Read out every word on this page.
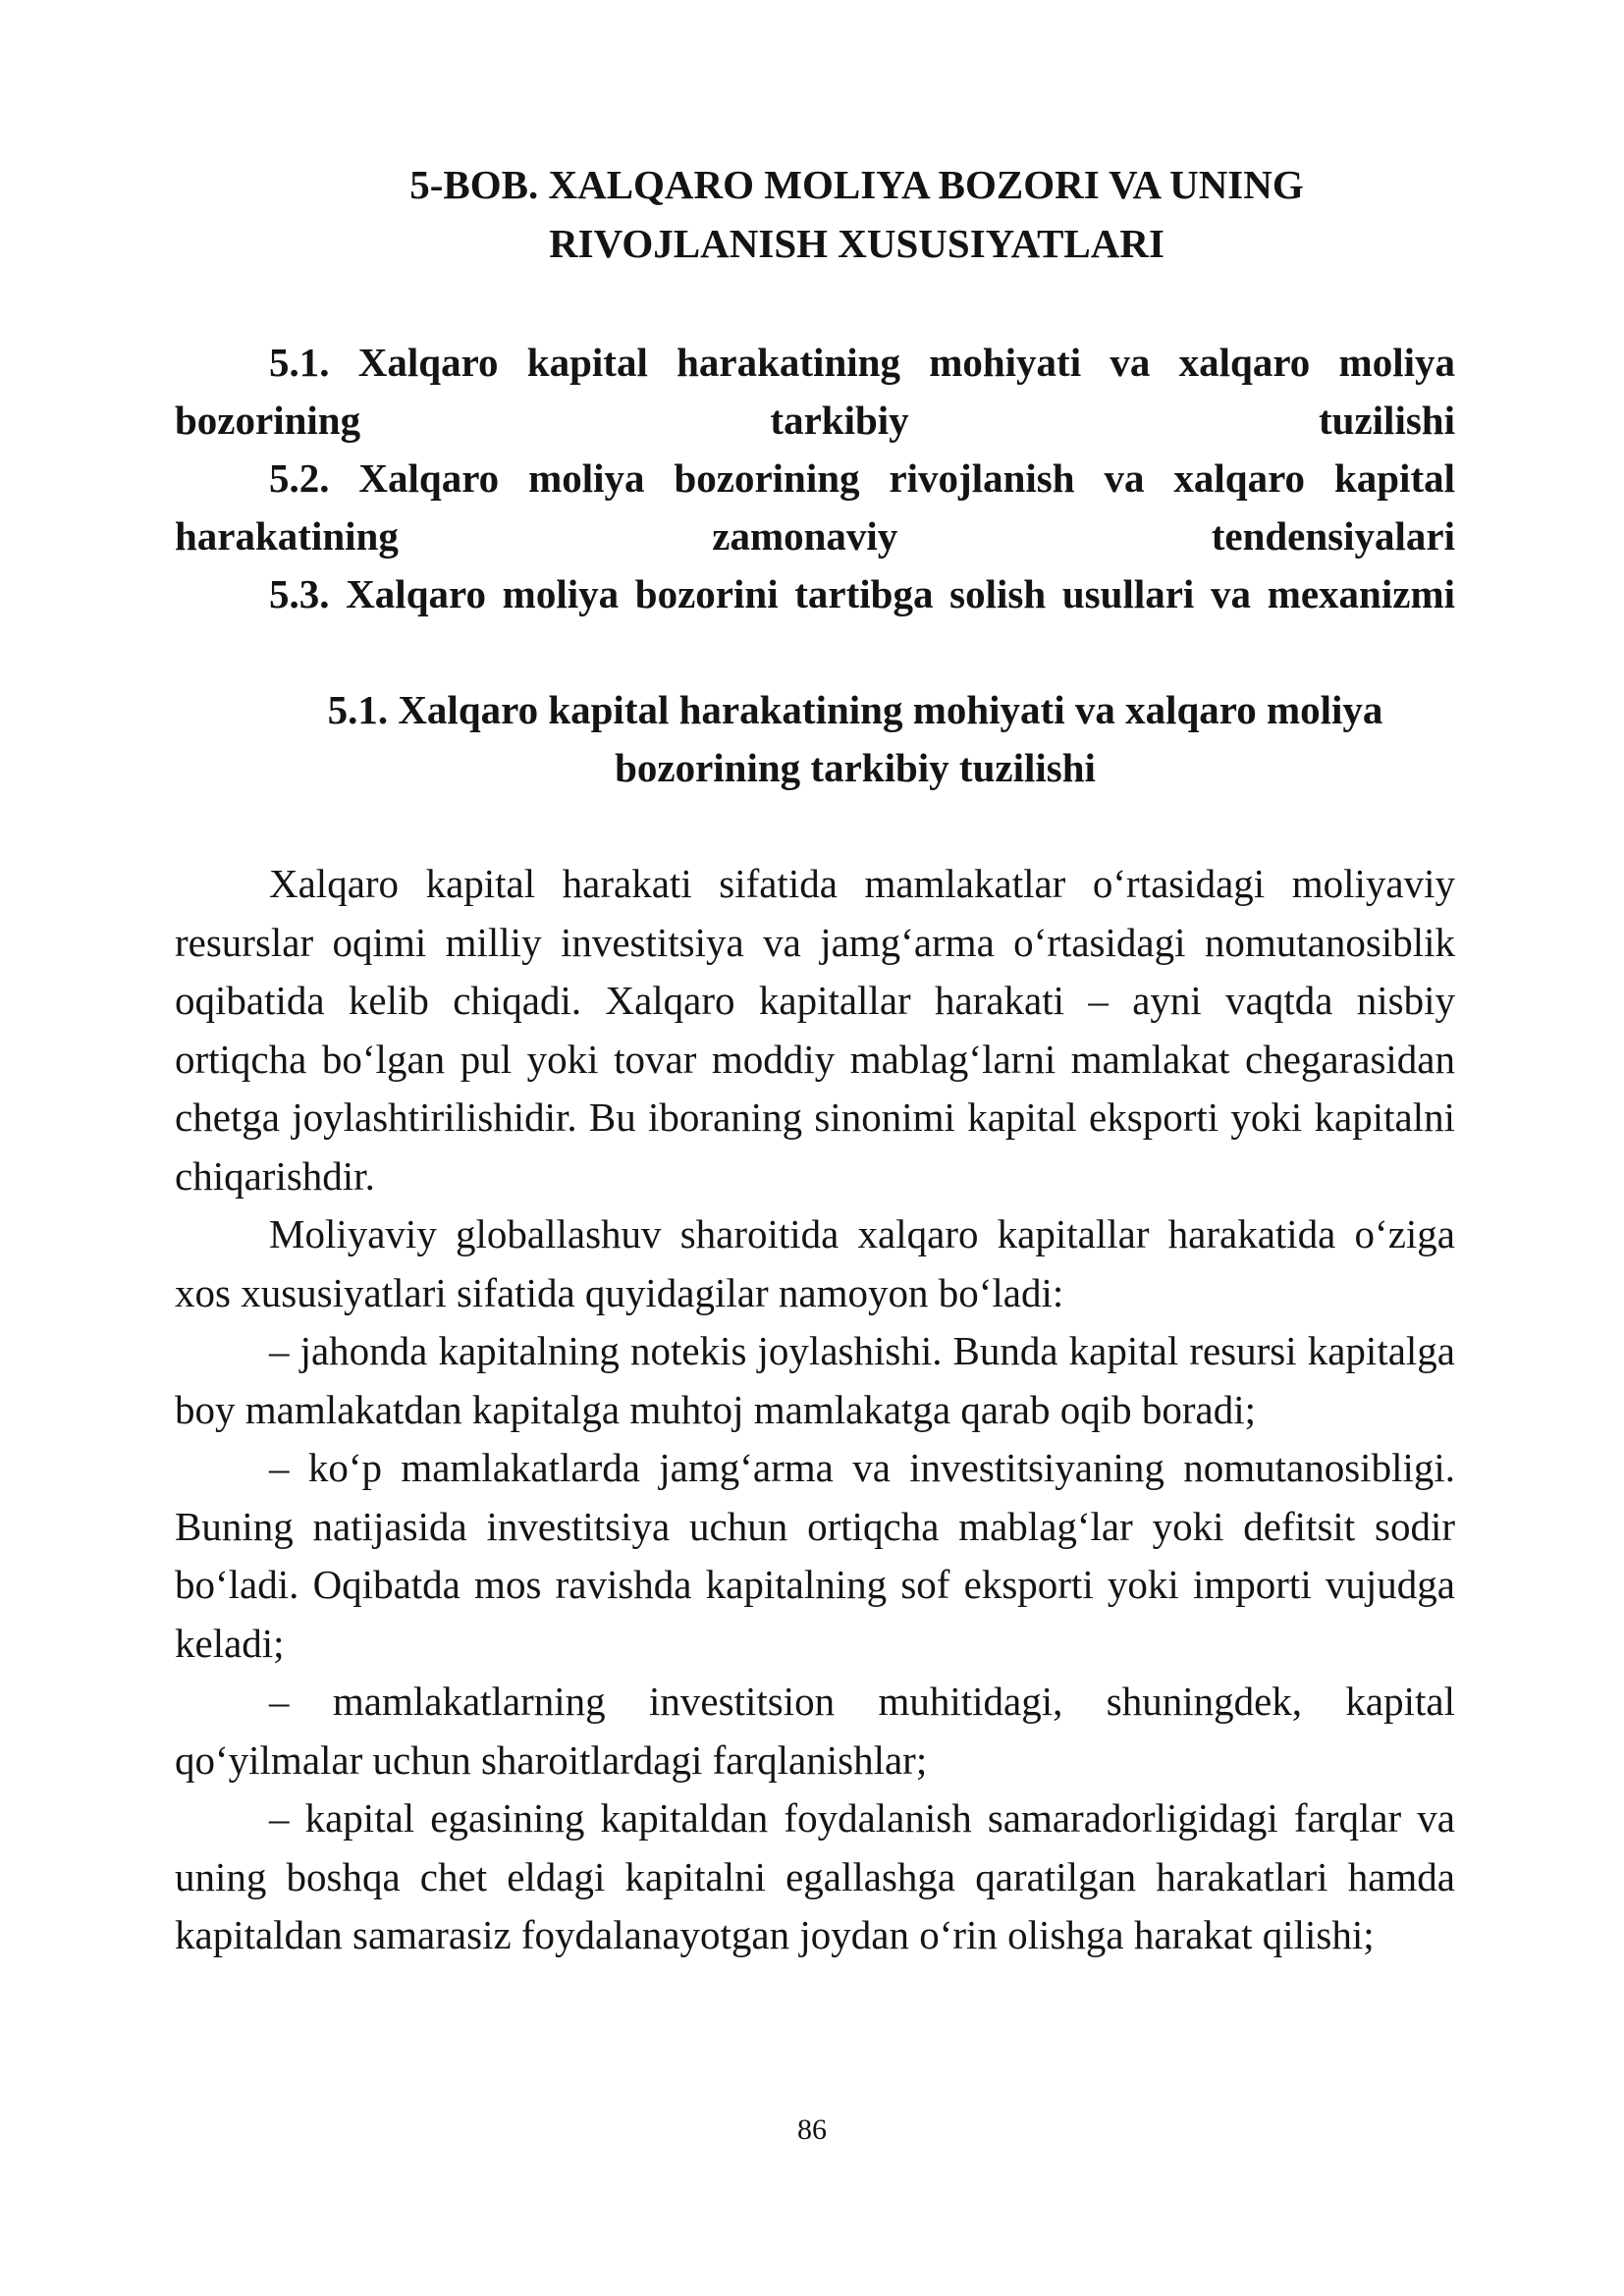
5-BOB. XALQARO MOLIYA BOZORI VA UNING RIVOJLANISH XUSUSIYATLARI

5.1. Xalqaro kapital harakatining mohiyati va xalqaro moliya bozorining tarkibiy tuzilishi

5.2. Xalqaro moliya bozorining rivojlanish va xalqaro kapital harakatining zamonaviy tendensiyalari

5.3. Xalqaro moliya bozorini tartibga solish usullari va mexanizmi

5.1. Xalqaro kapital harakatining mohiyati va xalqaro moliya bozorining tarkibiy tuzilishi

Xalqaro kapital harakati sifatida mamlakatlar o‘rtasidagi moliyaviy resurslar oqimi milliy investitsiya va jamg‘arma o‘rtasidagi nomutanosiblik oqibatida kelib chiqadi. Xalqaro kapitallar harakati – ayni vaqtda nisbiy ortiqcha bo‘lgan pul yoki tovar moddiy mablag‘larni mamlakat chegarasidan chetga joylashtirilishidir. Bu iboraning sinonimi kapital eksporti yoki kapitalni chiqarishdir.

Moliyaviy globallashuv sharoitida xalqaro kapitallar harakatida o‘ziga xos xususiyatlari sifatida quyidagilar namoyon bo‘ladi:

– jahonda kapitalning notekis joylashishi. Bunda kapital resursi kapitalga boy mamlakatdan kapitalga muhtoj mamlakatga qarab oqib boradi;

– ko‘p mamlakatlarda jamg‘arma va investitsiyaning nomutanosibligi. Buning natijasida investitsiya uchun ortiqcha mablag‘lar yoki defitsit sodir bo‘ladi. Oqibatda mos ravishda kapitalning sof eksporti yoki importi vujudga keladi;

– mamlakatlarning investitsion muhitidagi, shuningdek, kapital qo‘yilmalar uchun sharoitlardagi farqlanishlar;

– kapital egasining kapitaldan foydalanish samaradorligidagi farqlar va uning boshqa chet eldagi kapitalni egallashga qaratilgan harakatlari hamda kapitaldan samarasiz foydalanayotgan joydan o‘rin olishga harakat qilishi;

86
